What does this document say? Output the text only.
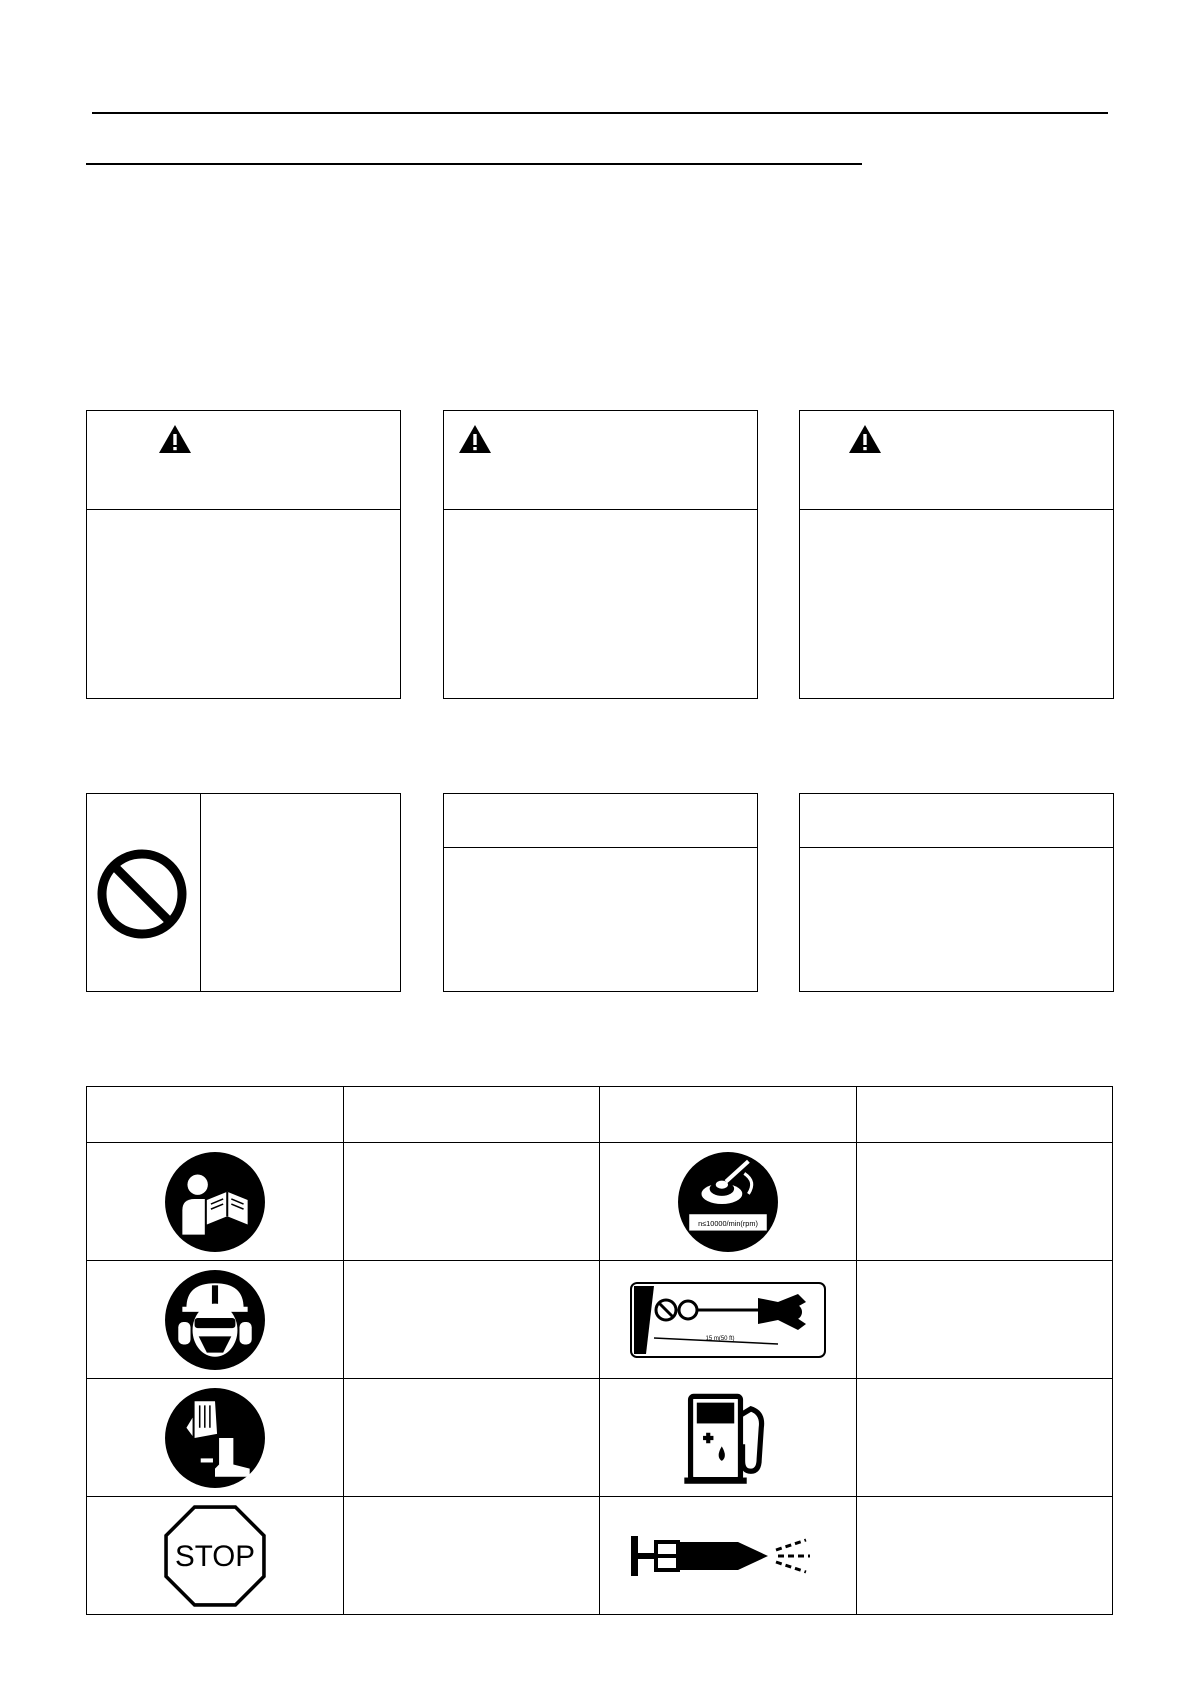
n≤10000/min(rpm)	

15 m(50 ft)	

STOP
